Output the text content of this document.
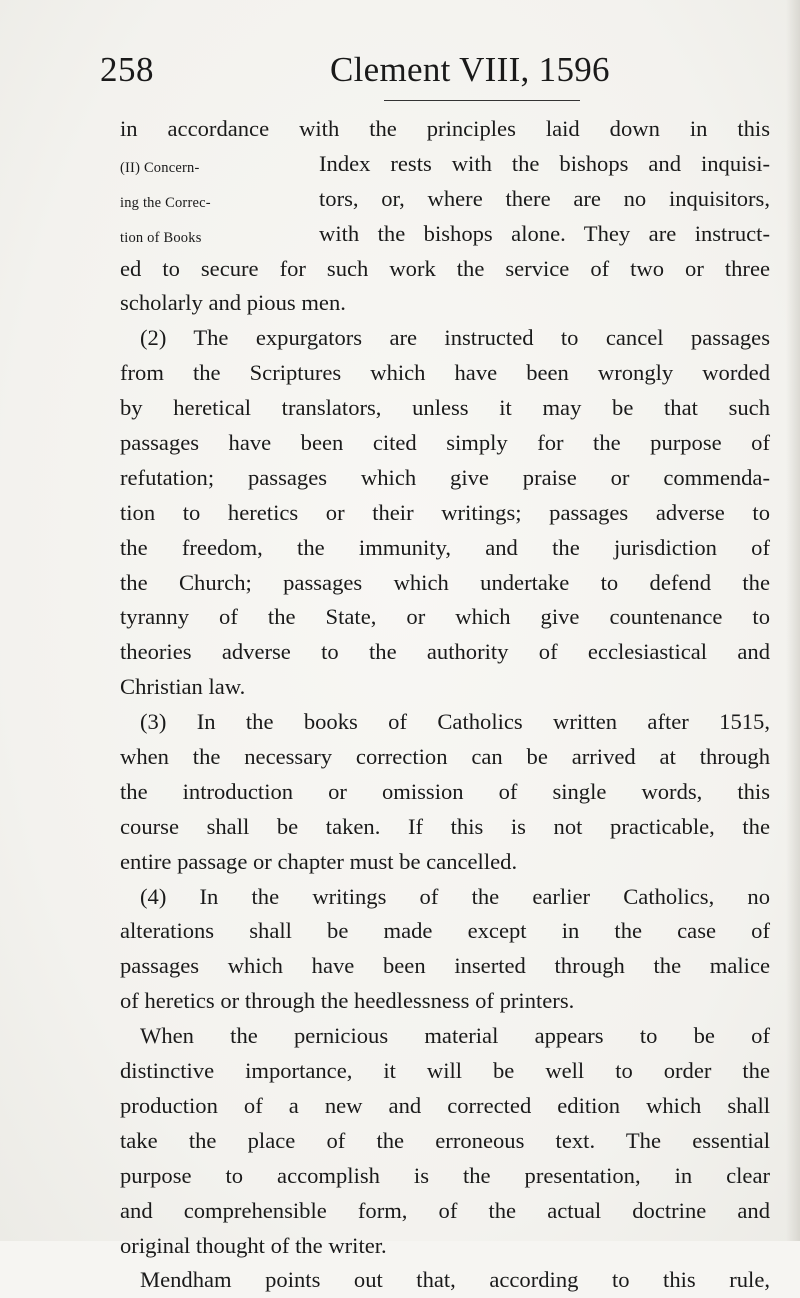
258	Clement VIII, 1596
(II) Concern-
ing the Correc-
tion of Books
in accordance with the principles laid down in this
Index rests with the bishops and inquisi-
tors, or, where there are no inquisitors,
with the bishops alone. They are instruct-
ed to secure for such work the service of two or three
scholarly and pious men.
(2) The expurgators are instructed to cancel passages
from the Scriptures which have been wrongly worded
by heretical translators, unless it may be that such
passages have been cited simply for the purpose of
refutation; passages which give praise or commenda-
tion to heretics or their writings; passages adverse to
the freedom, the immunity, and the jurisdiction of
the Church; passages which undertake to defend the
tyranny of the State, or which give countenance to
theories adverse to the authority of ecclesiastical and
Christian law.
(3) In the books of Catholics written after 1515,
when the necessary correction can be arrived at through
the introduction or omission of single words, this
course shall be taken. If this is not practicable, the
entire passage or chapter must be cancelled.
(4) In the writings of the earlier Catholics, no
alterations shall be made except in the case of
passages which have been inserted through the malice
of heretics or through the heedlessness of printers.
When the pernicious material appears to be of
distinctive importance, it will be well to order the
production of a new and corrected edition which shall
take the place of the erroneous text. The essential
purpose to accomplish is the presentation, in clear
and comprehensible form, of the actual doctrine and
original thought of the writer.
Mendham points out that, according to this rule,
